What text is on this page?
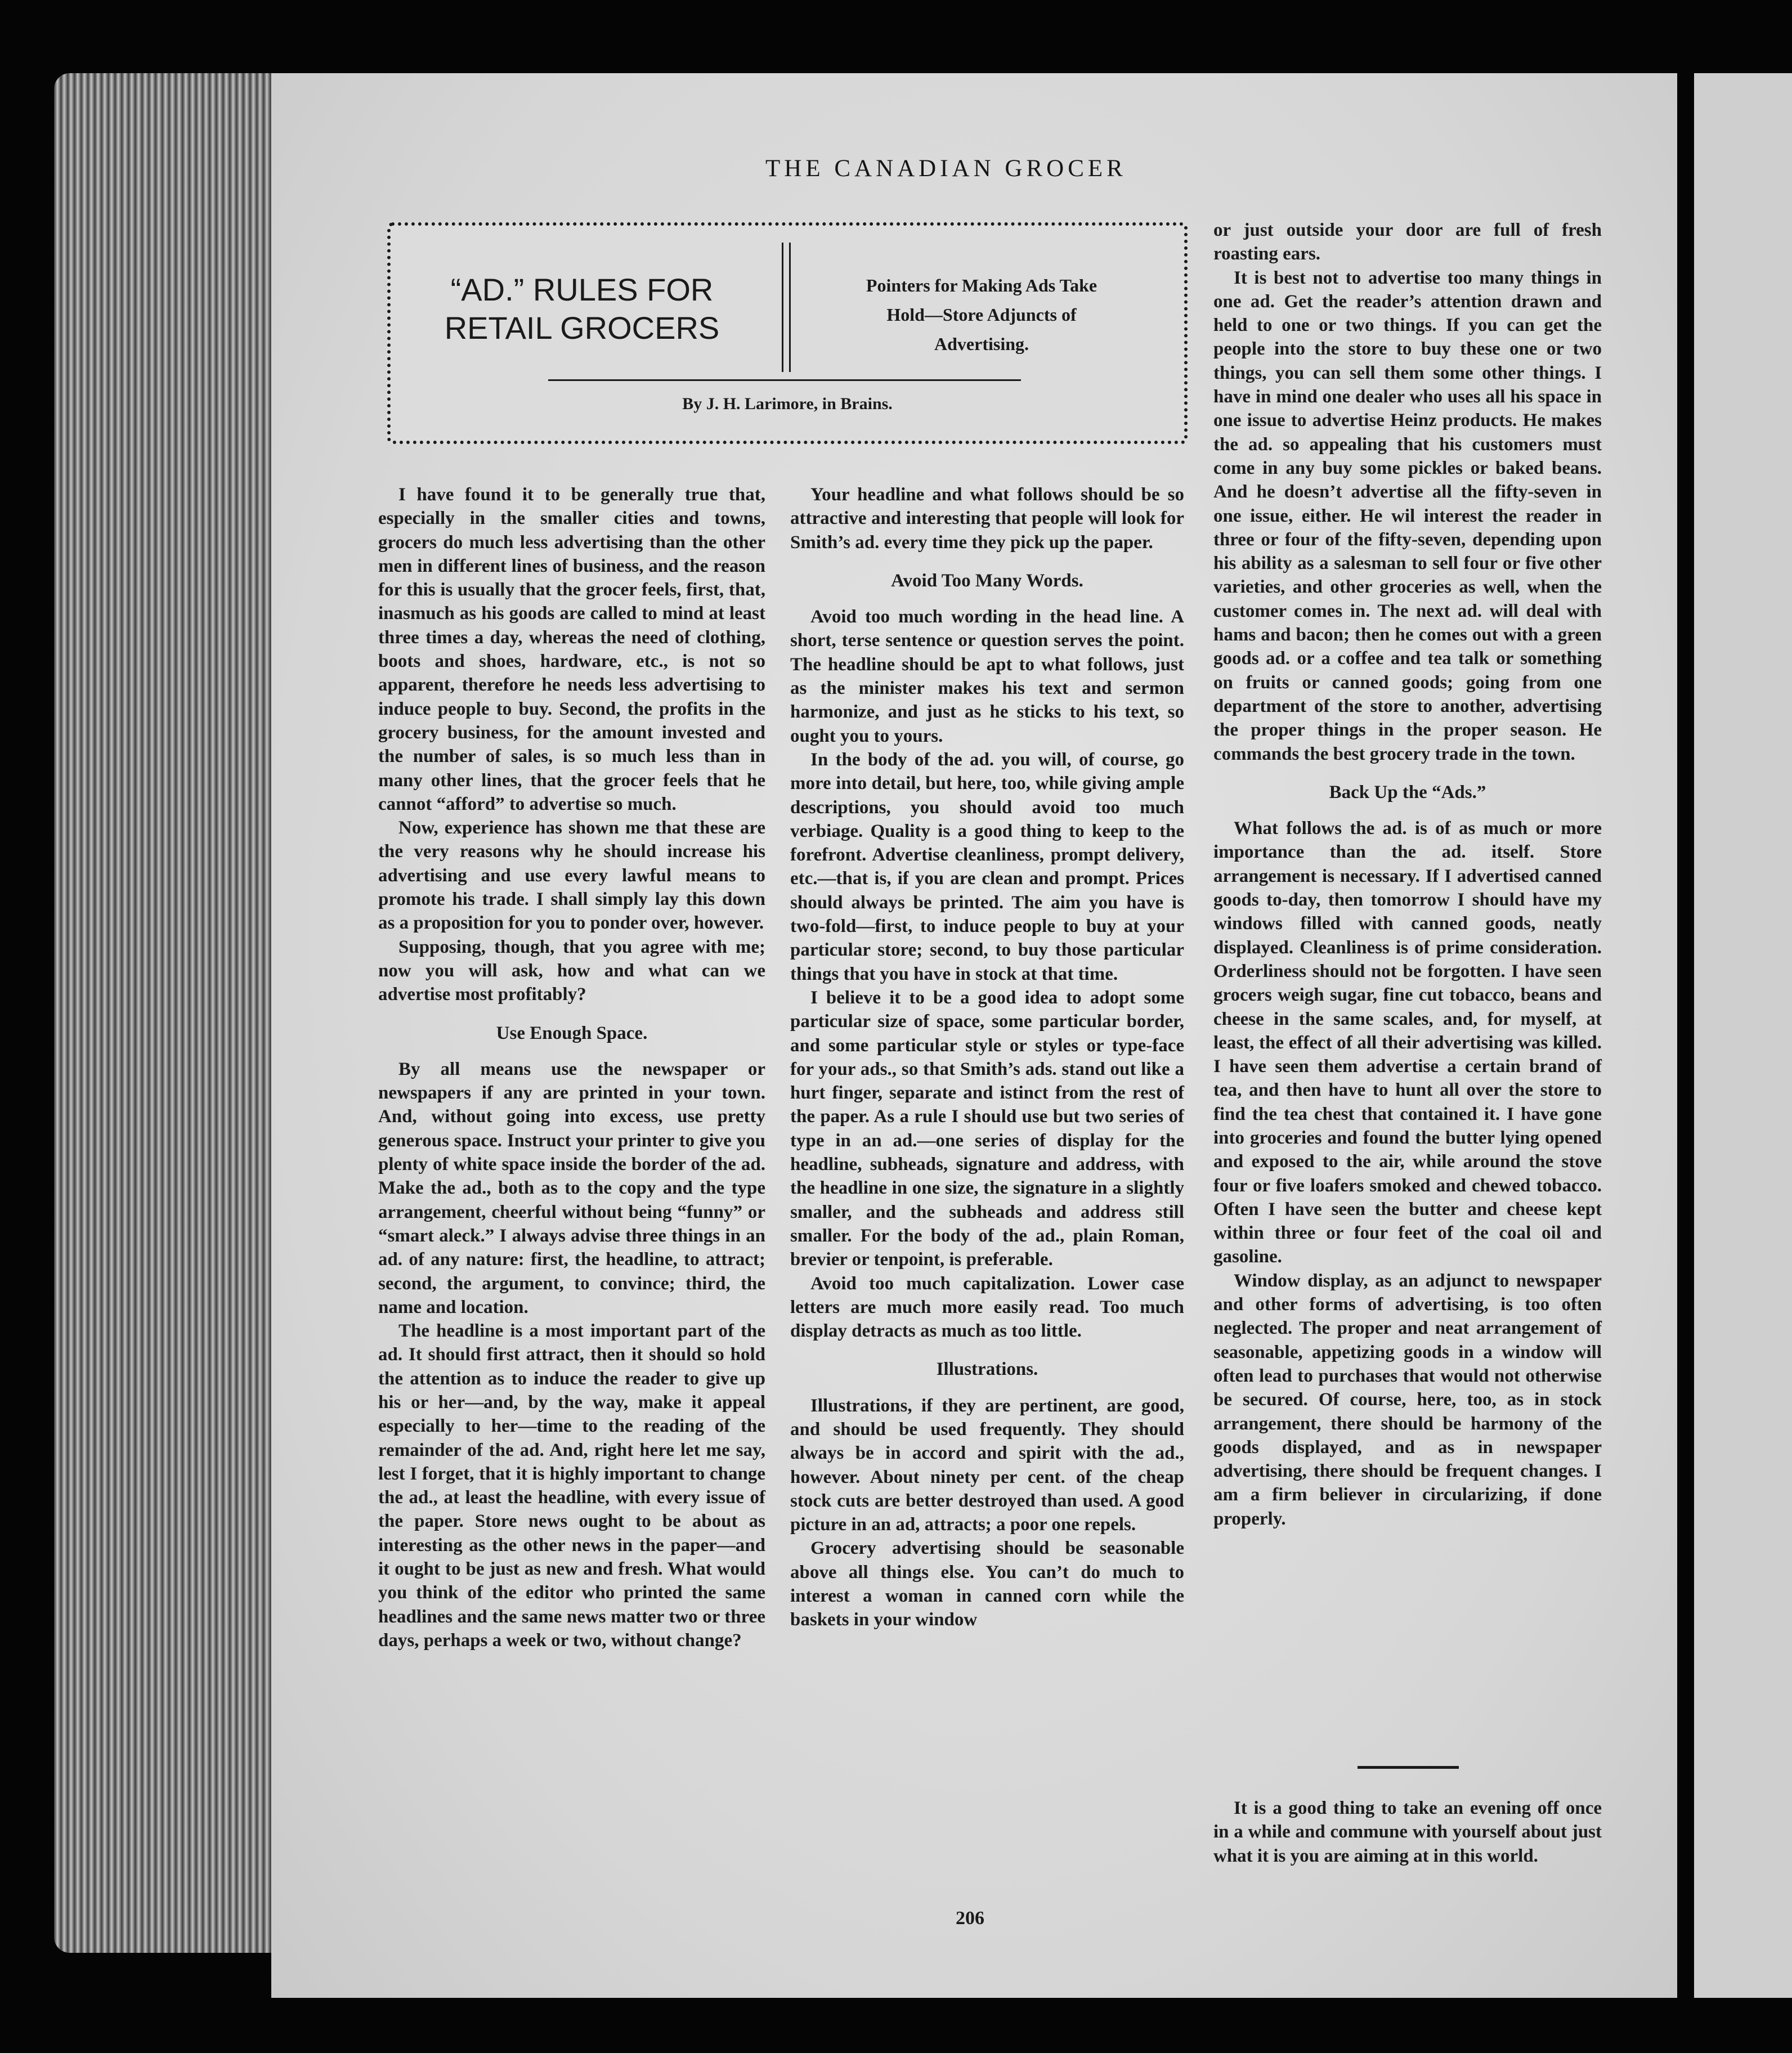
THE CANADIAN GROCER
“AD.” RULES FOR
RETAIL GROCERS
Pointers for Making Ads Take
Hold—Store Adjuncts of
Advertising.
By J. H. Larimore, in Brains.

I have found it to be generally true that, especially in the smaller cities and towns, grocers do much less advertising than the other men in different lines of business, and the reason for this is usually that the grocer feels, first, that, inasmuch as his goods are called to mind at least three times a day, whereas the need of clothing, boots and shoes, hardware, etc., is not so apparent, therefore he needs less advertising to induce people to buy. Second, the profits in the grocery business, for the amount invested and the number of sales, is so much less than in many other lines, that the grocer feels that he cannot “afford” to advertise so much.

Now, experience has shown me that these are the very reasons why he should increase his advertising and use every lawful means to promote his trade. I shall simply lay this down as a proposition for you to ponder over, however.

Supposing, though, that you agree with me; now you will ask, how and what can we advertise most profitably?

Use Enough Space.

By all means use the newspaper or newspapers if any are printed in your town. And, without going into excess, use pretty generous space. Instruct your printer to give you plenty of white space inside the border of the ad. Make the ad., both as to the copy and the type arrangement, cheerful without being “funny” or “smart aleck.” I always advise three things in an ad. of any nature: first, the headline, to attract; second, the argument, to convince; third, the name and location.

The headline is a most important part of the ad. It should first attract, then it should so hold the attention as to induce the reader to give up his or her—and, by the way, make it appeal especially to her—time to the reading of the remainder of the ad. And, right here let me say, lest I forget, that it is highly important to change the ad., at least the headline, with every issue of the paper. Store news ought to be about as interesting as the other news in the paper—and it ought to be just as new and fresh. What would you think of the editor who printed the same headlines and the same news matter two or three days, perhaps a week or two, without change?

Your headline and what follows should be so attractive and interesting that people will look for Smith’s ad. every time they pick up the paper.

Avoid Too Many Words.

Avoid too much wording in the head line. A short, terse sentence or question serves the point. The headline should be apt to what follows, just as the minister makes his text and sermon harmonize, and just as he sticks to his text, so ought you to yours.

In the body of the ad. you will, of course, go more into detail, but here, too, while giving ample descriptions, you should avoid too much verbiage. Quality is a good thing to keep to the forefront. Advertise cleanliness, prompt delivery, etc.—that is, if you are clean and prompt. Prices should always be printed. The aim you have is two-fold—first, to induce people to buy at your particular store; second, to buy those particular things that you have in stock at that time.

I believe it to be a good idea to adopt some particular size of space, some particular border, and some particular style or styles or type-face for your ads., so that Smith’s ads. stand out like a hurt finger, separate and istinct from the rest of the paper. As a rule I should use but two series of type in an ad.—one series of display for the headline, subheads, signature and address, with the headline in one size, the signature in a slightly smaller, and the subheads and address still smaller. For the body of the ad., plain Roman, brevier or tenpoint, is preferable.

Avoid too much capitalization. Lower case letters are much more easily read. Too much display detracts as much as too little.

Illustrations.

Illustrations, if they are pertinent, are good, and should be used frequently. They should always be in accord and spirit with the ad., however. About ninety per cent. of the cheap stock cuts are better destroyed than used. A good picture in an ad, attracts; a poor one repels.

Grocery advertising should be seasonable above all things else. You can’t do much to interest a woman in canned corn while the baskets in your window

or just outside your door are full of fresh roasting ears.

It is best not to advertise too many things in one ad. Get the reader’s attention drawn and held to one or two things. If you can get the people into the store to buy these one or two things, you can sell them some other things. I have in mind one dealer who uses all his space in one issue to advertise Heinz products. He makes the ad. so appealing that his customers must come in any buy some pickles or baked beans. And he doesn’t advertise all the fifty-seven in one issue, either. He wil interest the reader in three or four of the fifty-seven, depending upon his ability as a salesman to sell four or five other varieties, and other groceries as well, when the customer comes in. The next ad. will deal with hams and bacon; then he comes out with a green goods ad. or a coffee and tea talk or something on fruits or canned goods; going from one department of the store to another, advertising the proper things in the proper season. He commands the best grocery trade in the town.

Back Up the “Ads.”

What follows the ad. is of as much or more importance than the ad. itself. Store arrangement is necessary. If I advertised canned goods to-day, then tomorrow I should have my windows filled with canned goods, neatly displayed. Cleanliness is of prime consideration. Orderliness should not be forgotten. I have seen grocers weigh sugar, fine cut tobacco, beans and cheese in the same scales, and, for myself, at least, the effect of all their advertising was killed. I have seen them advertise a certain brand of tea, and then have to hunt all over the store to find the tea chest that contained it. I have gone into groceries and found the butter lying opened and exposed to the air, while around the stove four or five loafers smoked and chewed tobacco. Often I have seen the butter and cheese kept within three or four feet of the coal oil and gasoline.

Window display, as an adjunct to newspaper and other forms of advertising, is too often neglected. The proper and neat arrangement of seasonable, appetizing goods in a window will often lead to purchases that would not otherwise be secured. Of course, here, too, as in stock arrangement, there should be harmony of the goods displayed, and as in newspaper advertising, there should be frequent changes. I am a firm believer in circularizing, if done properly.

It is a good thing to take an evening off once in a while and commune with yourself about just what it is you are aiming at in this world.

206
